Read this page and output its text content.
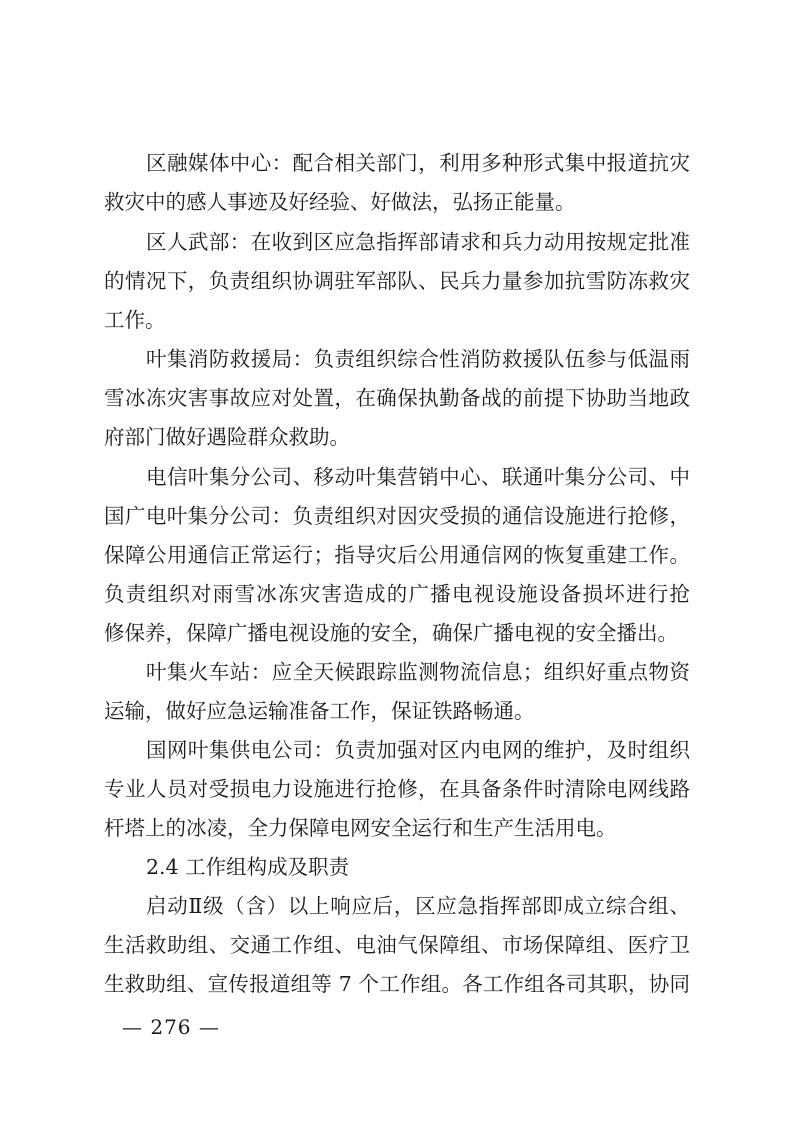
区融媒体中心：配合相关部门，利用多种形式集中报道抗灾
救灾中的感人事迹及好经验、好做法，弘扬正能量。
区人武部：在收到区应急指挥部请求和兵力动用按规定批准
的情况下，负责组织协调驻军部队、民兵力量参加抗雪防冻救灾
工作。
叶集消防救援局：负责组织综合性消防救援队伍参与低温雨
雪冰冻灾害事故应对处置，在确保执勤备战的前提下协助当地政
府部门做好遇险群众救助。
电信叶集分公司、移动叶集营销中心、联通叶集分公司、中
国广电叶集分公司：负责组织对因灾受损的通信设施进行抢修，
保障公用通信正常运行；指导灾后公用通信网的恢复重建工作。
负责组织对雨雪冰冻灾害造成的广播电视设施设备损坏进行抢
修保养，保障广播电视设施的安全，确保广播电视的安全播出。
叶集火车站：应全天候跟踪监测物流信息；组织好重点物资
运输，做好应急运输准备工作，保证铁路畅通。
国网叶集供电公司：负责加强对区内电网的维护，及时组织
专业人员对受损电力设施进行抢修，在具备条件时清除电网线路
杆塔上的冰凌，全力保障电网安全运行和生产生活用电。
2.4 工作组构成及职责
启动Ⅱ级（含）以上响应后，区应急指挥部即成立综合组、
生活救助组、交通工作组、电油气保障组、市场保障组、医疗卫
生救助组、宣传报道组等 7 个工作组。各工作组各司其职，协同
— 276 —
